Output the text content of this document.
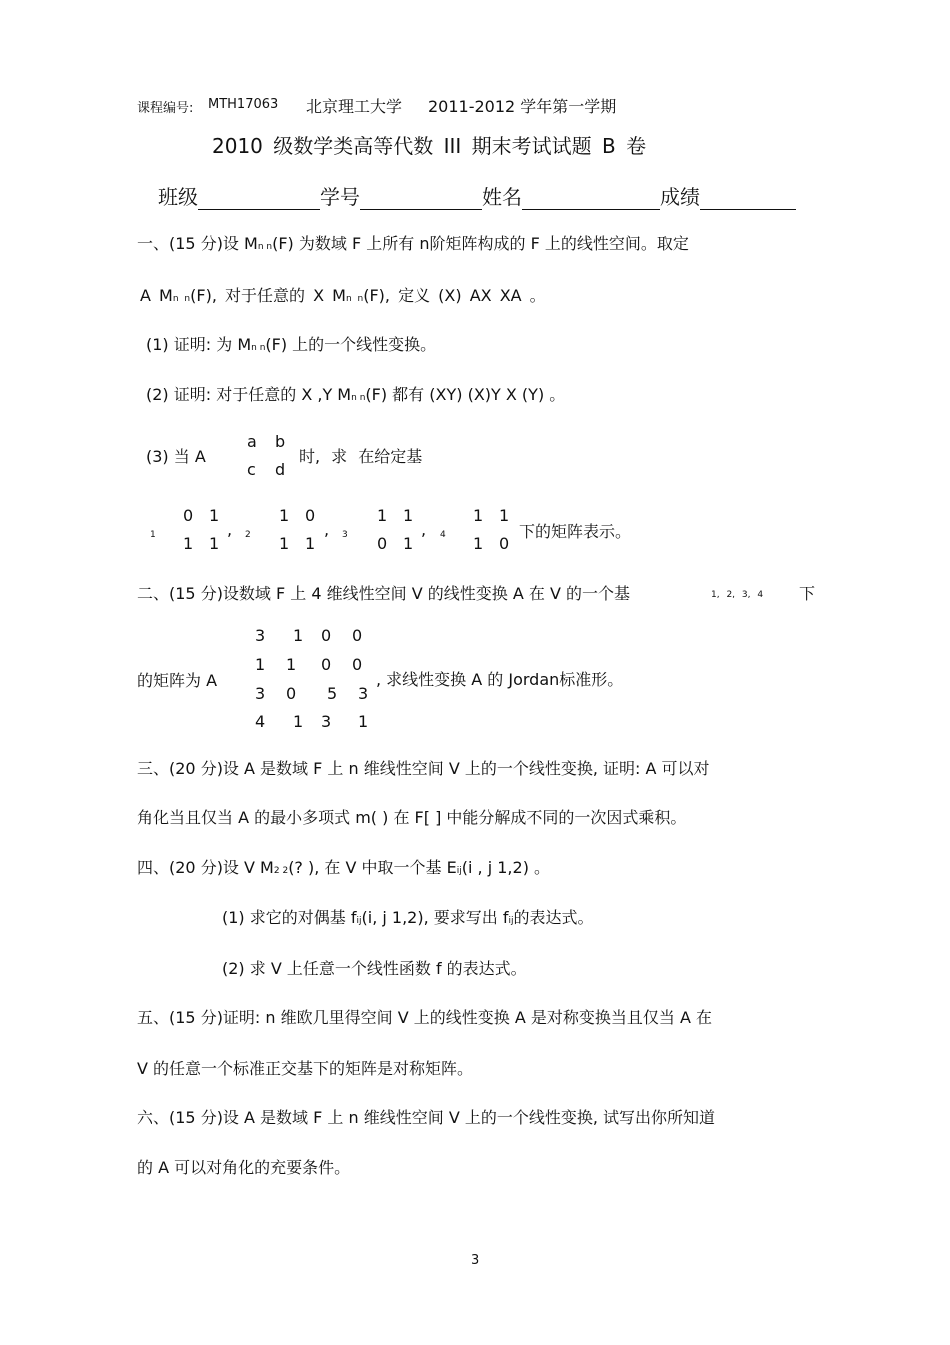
课程编号: MTH17063 北京理工大学 2011-2012 学年第一学期
2010 级数学类高等代数 III 期末考试试题 B 卷
班级	学号	姓名	成绩
一、(15 分)设 Mn n(F) 为数域 F 上所有 n阶矩阵构成的 F 上的线性空间。取定
A Mn n(F), 对于任意的 X Mn n(F), 定义 (X) AX XA 。
(1) 证明: 为 Mn n(F) 上的一个线性变换。
(2) 证明: 对于任意的 X ,Y Mn n(F) 都有 (XY) (X)Y X (Y) 。
(3) 当 A
a b
c d
时, 求 在给定基
1
0 1
1 1
, 2
1 0
1 1
, 3
1 1
0 1
, 4
1 1
1 0
下的矩阵表示。
二、(15 分)设数域 F 上 4 维线性空间 V 的线性变换 A 在 V 的一个基	1, 2, 3, 4 下
的矩阵为 A
3 1 0 0
1 1 0 0
3 0 5 3
4 1 3 1
, 求线性变换 A 的 Jordan标准形。
三、(20 分)设 A 是数域 F 上 n 维线性空间 V 上的一个线性变换, 证明: A 可以对
角化当且仅当 A 的最小多项式 m( ) 在 F[ ] 中能分解成不同的一次因式乘积。
四、(20 分)设 V M2 2(? ), 在 V 中取一个基 Eij(i , j 1,2) 。
(1) 求它的对偶基 fij(i, j 1,2), 要求写出 fij的表达式。
(2) 求 V 上任意一个线性函数 f 的表达式。
五、(15 分)证明: n 维欧几里得空间 V 上的线性变换 A 是对称变换当且仅当 A 在
V 的任意一个标准正交基下的矩阵是对称矩阵。
六、(15 分)设 A 是数域 F 上 n 维线性空间 V 上的一个线性变换, 试写出你所知道
的 A 可以对角化的充要条件。
3
